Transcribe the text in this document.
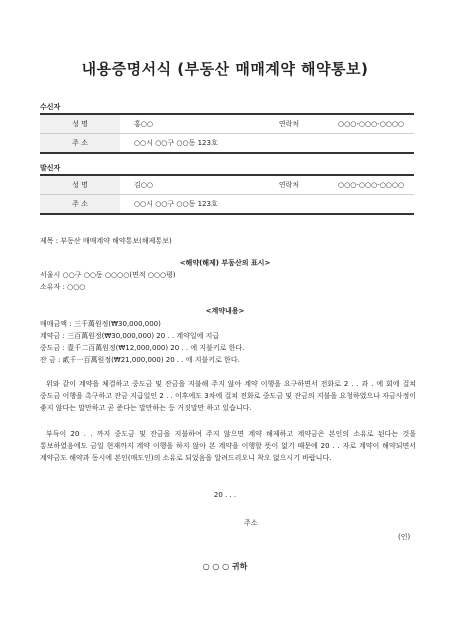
내용증명서식 (부동산 매매계약 해약통보)
수신자
성 명	홍○○	연락처	○○○-○○○-○○○○
주 소	○○시 ○○구 ○○동 123호		
발신자
성 명	김○○	연락처	○○○-○○○-○○○○
주 소	○○시 ○○구 ○○동 123호		
제목 : 부동산 매매계약 해약통보(해제통보)
<해약(해제) 부동산의 표시>
서울시 ○○구 ○○동 ○○○○(면적 ○○○평)
소유자 : ○○○
<계약내용>
매매금액 : 三千萬원정(₩30,000,000)
계약금 : 三百萬원정(₩30,000,000) 20 . . 계약일에 지급
중도금 : 壹千二百萬원정(₩12,000,000) 20 . . 에 지불키로 한다.
잔 금 : 貳千一百萬원정(₩21,000,000) 20 . . 에 지불키로 한다.
위와 같이 계약을 체결하고 중도금 및 잔금을 지불해 주지 않아 계약 이행을 요구하면서 전화로 2 . . 과 . 에 회에 걸쳐 중도금 이행을 촉구하고 잔금 지급일인 2 . . 이후에도 3차에 걸쳐 전화로 중도금 및 잔금의 지불을 요청하였으나 자금사정이 좋지 않다는 말만하고 곧 준다는 말만하는 등 거짓말만 하고 있습니다.
부득이 20 . . 까지 중도금 및 잔금을 지불하여 주지 않으면 계약 해제하고 계약금은 본인의 소유로 된다는 것을 통보하였음에도 금일 현재까지 계약 이행을 하지 않아 본 계약을 이행할 뜻이 없기 때문에 20 . . 자로 계약이 해약되면서 계약금도 해약과 동시에 본인(매도인)의 소유로 되었음을 알려드리오니 착오 없으시기 바랍니다.
20 . . .
주소
(인)
○ ○ ○ 귀하
